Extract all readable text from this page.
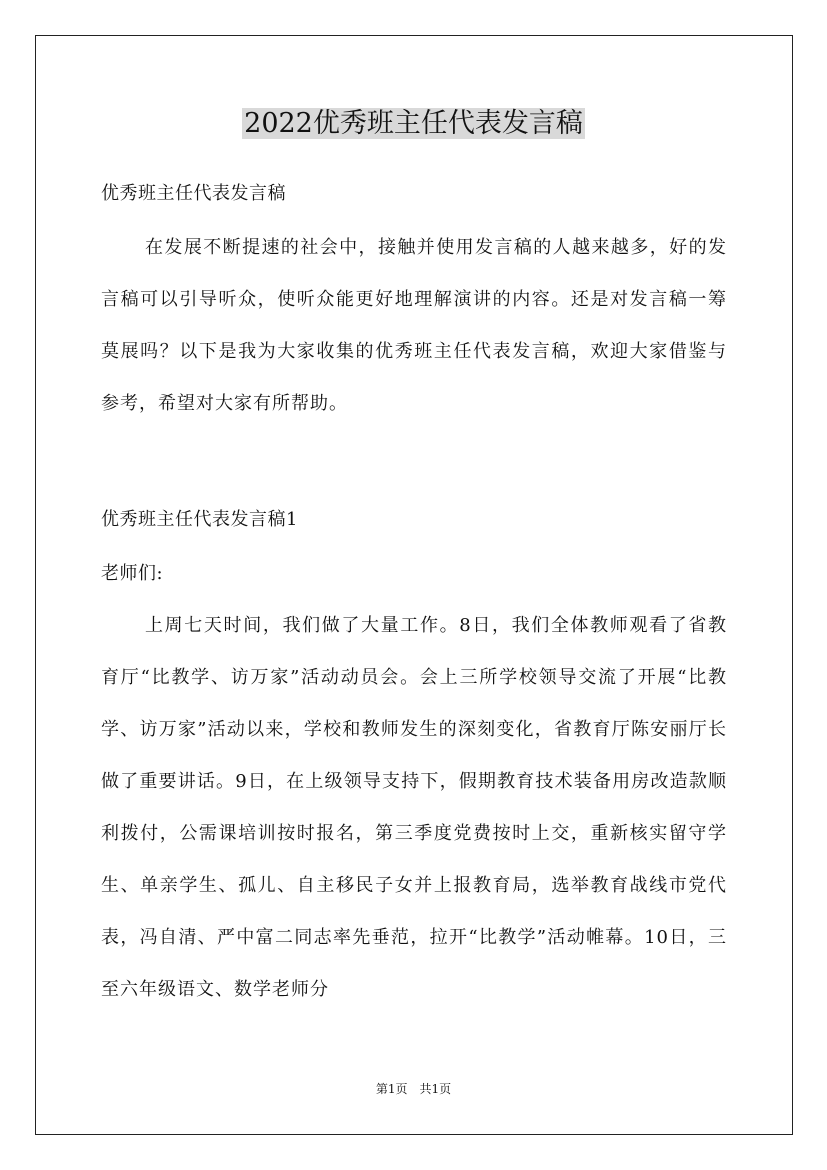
2022优秀班主任代表发言稿
优秀班主任代表发言稿
在发展不断提速的社会中，接触并使用发言稿的人越来越多，好的发言稿可以引导听众，使听众能更好地理解演讲的内容。还是对发言稿一筹莫展吗？以下是我为大家收集的优秀班主任代表发言稿，欢迎大家借鉴与参考，希望对大家有所帮助。
优秀班主任代表发言稿1
老师们:
上周七天时间，我们做了大量工作。8日，我们全体教师观看了省教育厅“比教学、访万家”活动动员会。会上三所学校领导交流了开展“比教学、访万家”活动以来，学校和教师发生的深刻变化，省教育厅陈安丽厅长做了重要讲话。9日，在上级领导支持下，假期教育技术装备用房改造款顺利拨付，公需课培训按时报名，第三季度党费按时上交，重新核实留守学生、单亲学生、孤儿、自主移民子女并上报教育局，选举教育战线市党代表，冯自清、严中富二同志率先垂范，拉开“比教学”活动帷幕。10日，三至六年级语文、数学老师分
第1页 共1页
